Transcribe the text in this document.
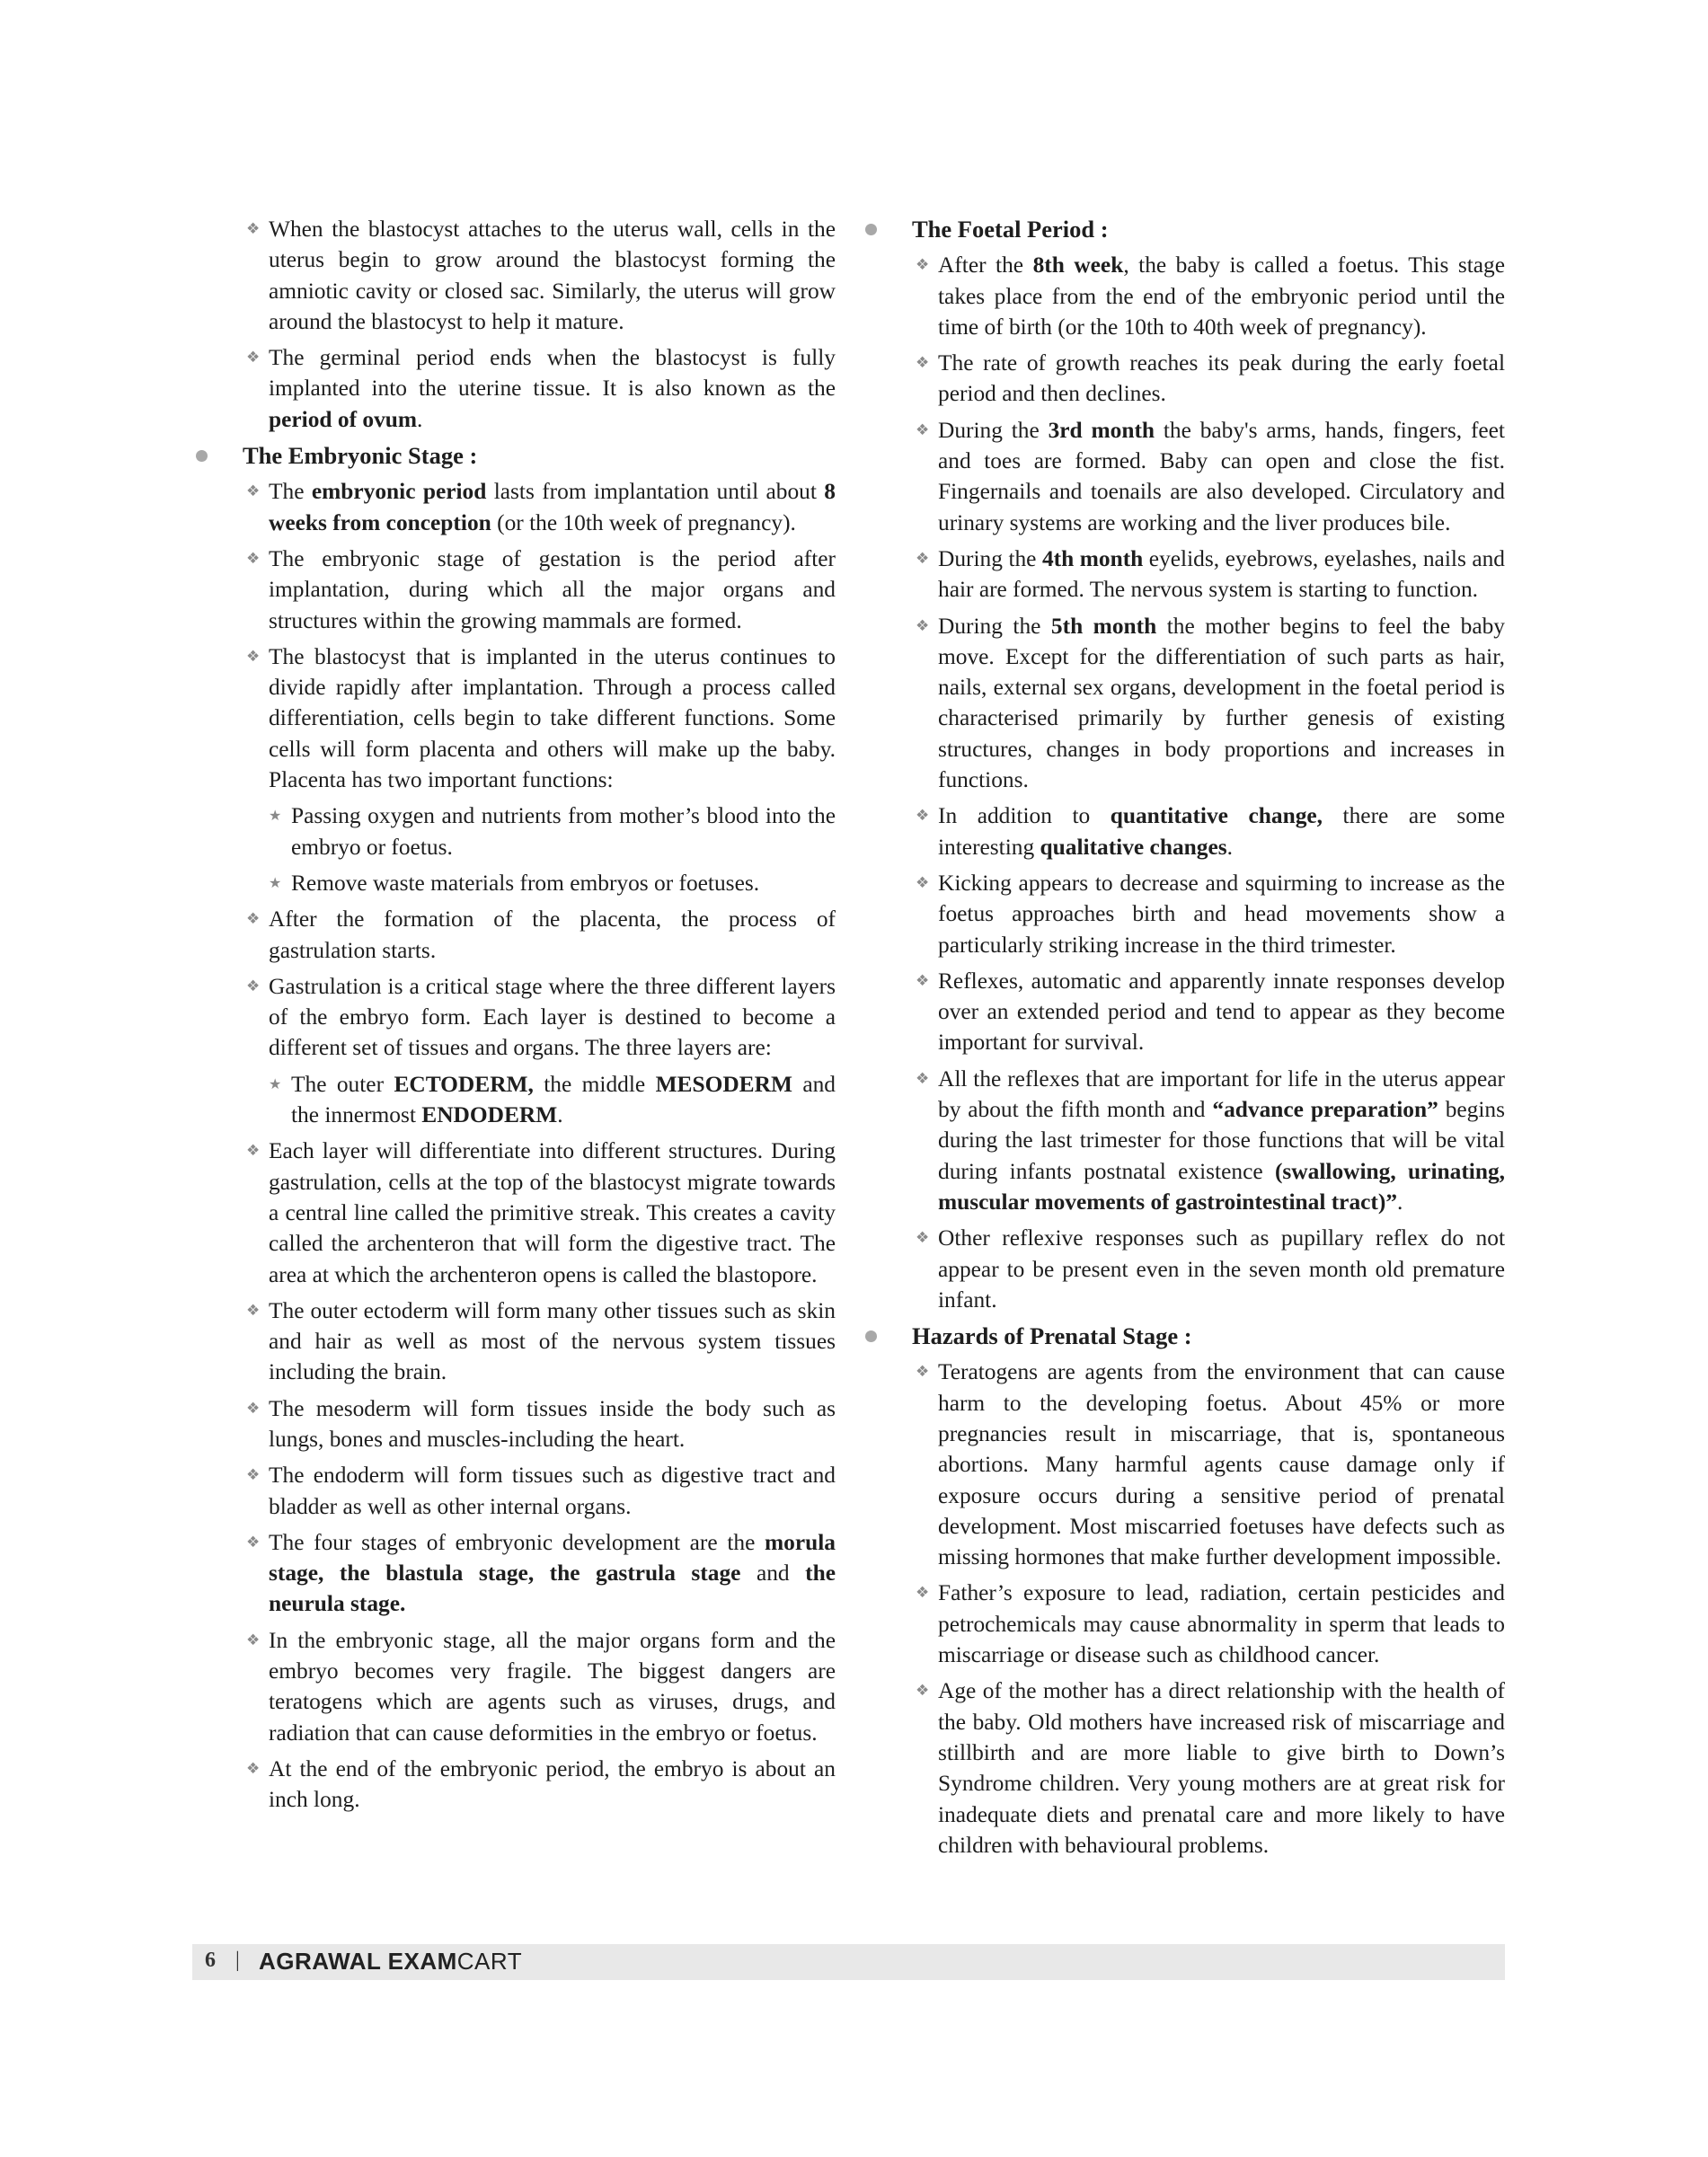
❖ When the blastocyst attaches to the uterus wall, cells in the uterus begin to grow around the blastocyst forming the amniotic cavity or closed sac. Similarly, the uterus will grow around the blastocyst to help it mature.
❖ The germinal period ends when the blastocyst is fully implanted into the uterine tissue. It is also known as the period of ovum.
The Embryonic Stage :
❖ The embryonic period lasts from implantation until about 8 weeks from conception (or the 10th week of pregnancy).
❖ The embryonic stage of gestation is the period after implantation, during which all the major organs and structures within the growing mammals are formed.
❖ The blastocyst that is implanted in the uterus continues to divide rapidly after implantation. Through a process called differentiation, cells begin to take different functions. Some cells will form placenta and others will make up the baby. Placenta has two important functions:
★ Passing oxygen and nutrients from mother’s blood into the embryo or foetus.
★ Remove waste materials from embryos or foetuses.
❖ After the formation of the placenta, the process of gastrulation starts.
❖ Gastrulation is a critical stage where the three different layers of the embryo form. Each layer is destined to become a different set of tissues and organs. The three layers are:
★ The outer ECTODERM, the middle MESODERM and the innermost ENDODERM.
❖ Each layer will differentiate into different structures. During gastrulation, cells at the top of the blastocyst migrate towards a central line called the primitive streak. This creates a cavity called the archenteron that will form the digestive tract. The area at which the archenteron opens is called the blastopore.
❖ The outer ectoderm will form many other tissues such as skin and hair as well as most of the nervous system tissues including the brain.
❖ The mesoderm will form tissues inside the body such as lungs, bones and muscles-including the heart.
❖ The endoderm will form tissues such as digestive tract and bladder as well as other internal organs.
❖ The four stages of embryonic development are the morula stage, the blastula stage, the gastrula stage and the neurula stage.
❖ In the embryonic stage, all the major organs form and the embryo becomes very fragile. The biggest dangers are teratogens which are agents such as viruses, drugs, and radiation that can cause deformities in the embryo or foetus.
❖ At the end of the embryonic period, the embryo is about an inch long.
The Foetal Period :
❖ After the 8th week, the baby is called a foetus. This stage takes place from the end of the embryonic period until the time of birth (or the 10th to 40th week of pregnancy).
❖ The rate of growth reaches its peak during the early foetal period and then declines.
❖ During the 3rd month the baby's arms, hands, fingers, feet and toes are formed. Baby can open and close the fist. Fingernails and toenails are also developed. Circulatory and urinary systems are working and the liver produces bile.
❖ During the 4th month eyelids, eyebrows, eyelashes, nails and hair are formed. The nervous system is starting to function.
❖ During the 5th month the mother begins to feel the baby move. Except for the differentiation of such parts as hair, nails, external sex organs, development in the foetal period is characterised primarily by further genesis of existing structures, changes in body proportions and increases in functions.
❖ In addition to quantitative change, there are some interesting qualitative changes.
❖ Kicking appears to decrease and squirming to increase as the foetus approaches birth and head movements show a particularly striking increase in the third trimester.
❖ Reflexes, automatic and apparently innate responses develop over an extended period and tend to appear as they become important for survival.
❖ All the reflexes that are important for life in the uterus appear by about the fifth month and “advance preparation” begins during the last trimester for those functions that will be vital during infants postnatal existence (swallowing, urinating, muscular movements of gastrointestinal tract)”.
❖ Other reflexive responses such as pupillary reflex do not appear to be present even in the seven month old premature infant.
Hazards of Prenatal Stage :
❖ Teratogens are agents from the environment that can cause harm to the developing foetus. About 45% or more pregnancies result in miscarriage, that is, spontaneous abortions. Many harmful agents cause damage only if exposure occurs during a sensitive period of prenatal development. Most miscarried foetuses have defects such as missing hormones that make further development impossible.
❖ Father’s exposure to lead, radiation, certain pesticides and petrochemicals may cause abnormality in sperm that leads to miscarriage or disease such as childhood cancer.
❖ Age of the mother has a direct relationship with the health of the baby. Old mothers have increased risk of miscarriage and stillbirth and are more liable to give birth to Down’s Syndrome children. Very young mothers are at great risk for inadequate diets and prenatal care and more likely to have children with behavioural problems.
6 | AGRAWAL EXAMCART
